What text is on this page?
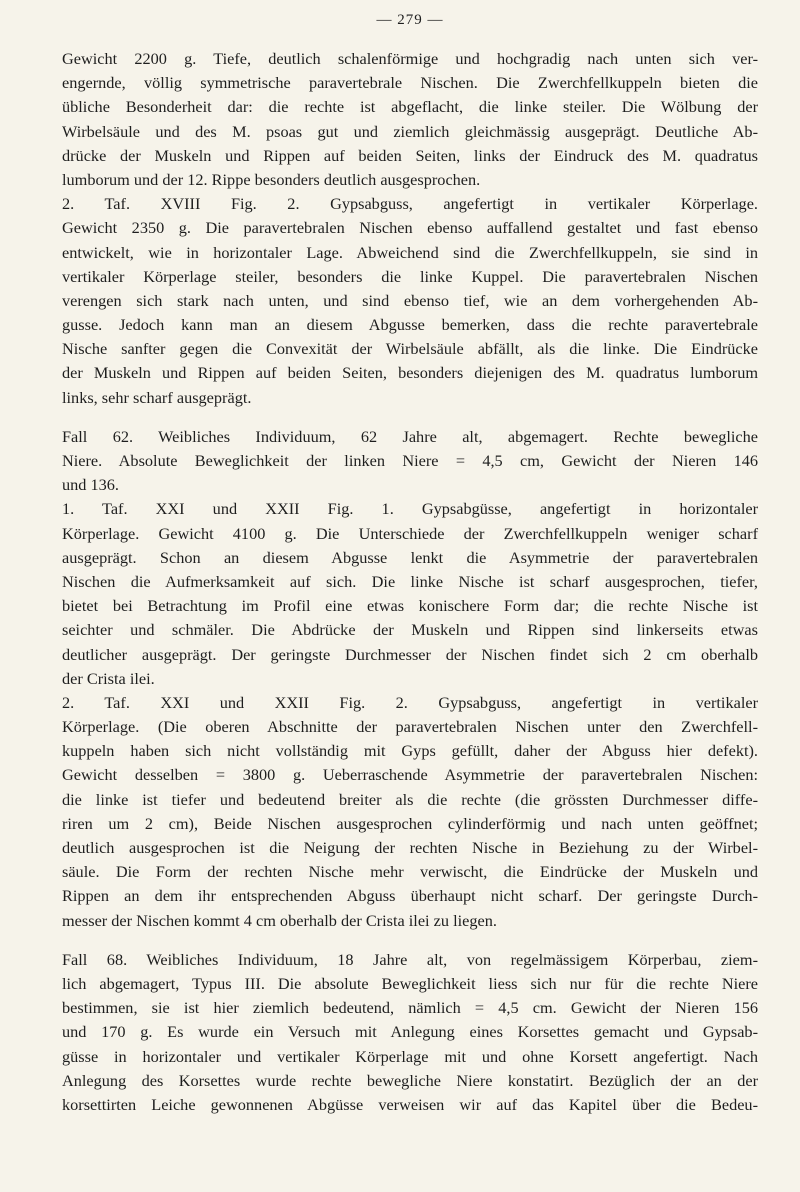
— 279 —
Gewicht 2200 g. Tiefe, deutlich schalenförmige und hochgradig nach unten sich ver-
engernde, völlig symmetrische paravertebrale Nischen. Die Zwerchfellkuppeln bieten die
übliche Besonderheit dar: die rechte ist abgeflacht, die linke steiler. Die Wölbung der
Wirbelsäule und des M. psoas gut und ziemlich gleichmässig ausgeprägt. Deutliche Ab-
drücke der Muskeln und Rippen auf beiden Seiten, links der Eindruck des M. quadratus
lumborum und der 12. Rippe besonders deutlich ausgesprochen.
2. Taf. XVIII Fig. 2. Gypsabguss, angefertigt in vertikaler Körperlage.
Gewicht 2350 g. Die paravertebralen Nischen ebenso auffallend gestaltet und fast ebenso
entwickelt, wie in horizontaler Lage. Abweichend sind die Zwerchfellkuppeln, sie sind in
vertikaler Körperlage steiler, besonders die linke Kuppel. Die paravertebralen Nischen
verengen sich stark nach unten, und sind ebenso tief, wie an dem vorhergehenden Ab-
gusse. Jedoch kann man an diesem Abgusse bemerken, dass die rechte paravertebrale
Nische sanfter gegen die Convexität der Wirbelsäule abfällt, als die linke. Die Eindrücke
der Muskeln und Rippen auf beiden Seiten, besonders diejenigen des M. quadratus lumborum
links, sehr scharf ausgeprägt.
Fall 62. Weibliches Individuum, 62 Jahre alt, abgemagert. Rechte bewegliche
Niere. Absolute Beweglichkeit der linken Niere = 4,5 cm, Gewicht der Nieren 146
und 136.
1. Taf. XXI und XXII Fig. 1. Gypsabgüsse, angefertigt in horizontaler
Körperlage. Gewicht 4100 g. Die Unterschiede der Zwerchfellkuppeln weniger scharf
ausgeprägt. Schon an diesem Abgusse lenkt die Asymmetrie der paravertebralen
Nischen die Aufmerksamkeit auf sich. Die linke Nische ist scharf ausgesprochen, tiefer,
bietet bei Betrachtung im Profil eine etwas konischere Form dar; die rechte Nische ist
seichter und schmäler. Die Abdrücke der Muskeln und Rippen sind linkerseits etwas
deutlicher ausgeprägt. Der geringste Durchmesser der Nischen findet sich 2 cm oberhalb
der Crista ilei.
2. Taf. XXI und XXII Fig. 2. Gypsabguss, angefertigt in vertikaler
Körperlage. (Die oberen Abschnitte der paravertebralen Nischen unter den Zwerchfell-
kuppeln haben sich nicht vollständig mit Gyps gefüllt, daher der Abguss hier defekt).
Gewicht desselben = 3800 g. Ueberraschende Asymmetrie der paravertebralen Nischen:
die linke ist tiefer und bedeutend breiter als die rechte (die grössten Durchmesser diffe-
riren um 2 cm), Beide Nischen ausgesprochen cylinderförmig und nach unten geöffnet;
deutlich ausgesprochen ist die Neigung der rechten Nische in Beziehung zu der Wirbel-
säule. Die Form der rechten Nische mehr verwischt, die Eindrücke der Muskeln und
Rippen an dem ihr entsprechenden Abguss überhaupt nicht scharf. Der geringste Durch-
messer der Nischen kommt 4 cm oberhalb der Crista ilei zu liegen.
Fall 68. Weibliches Individuum, 18 Jahre alt, von regelmässigem Körperbau, ziem-
lich abgemagert, Typus III. Die absolute Beweglichkeit liess sich nur für die rechte Niere
bestimmen, sie ist hier ziemlich bedeutend, nämlich = 4,5 cm. Gewicht der Nieren 156
und 170 g. Es wurde ein Versuch mit Anlegung eines Korsettes gemacht und Gypsab-
güsse in horizontaler und vertikaler Körperlage mit und ohne Korsett angefertigt. Nach
Anlegung des Korsettes wurde rechte bewegliche Niere konstatirt. Bezüglich der an der
korsettirten Leiche gewonnenen Abgüsse verweisen wir auf das Kapitel über die Bedeu-
